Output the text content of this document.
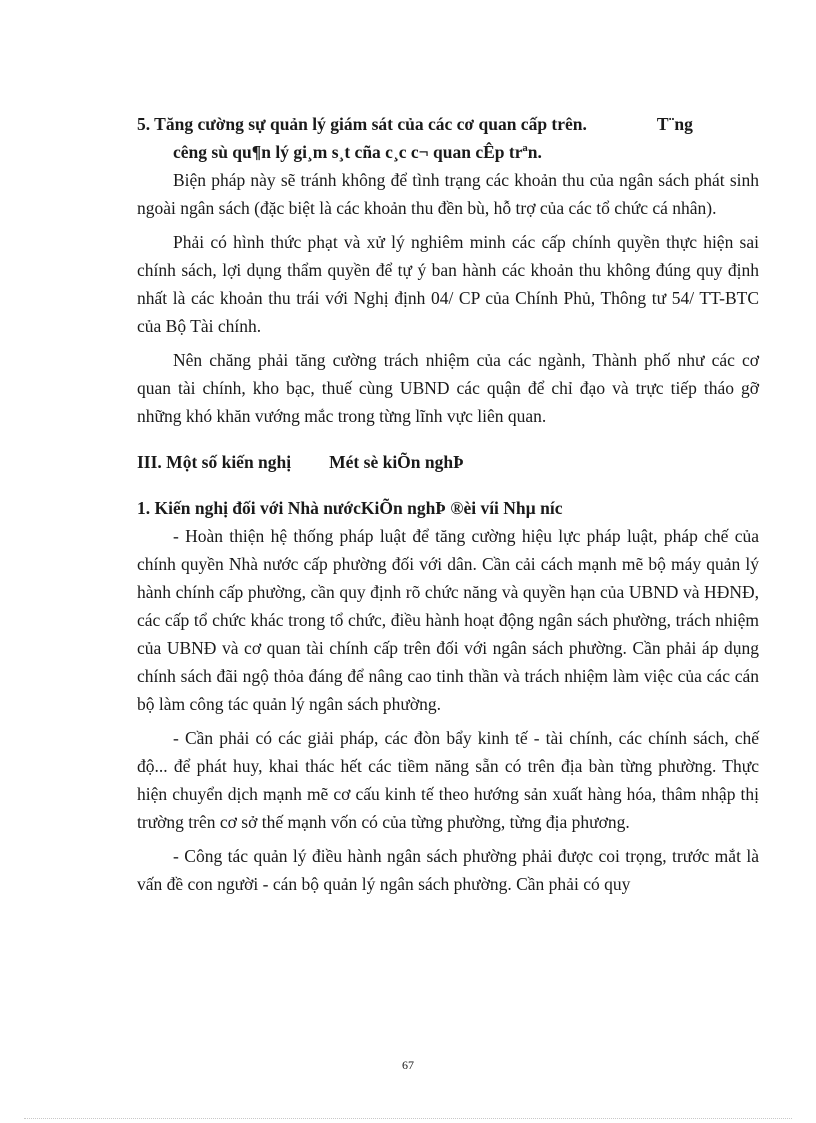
5. Tăng cường sự quản lý giám sát của các cơ quan cấp trên.	T¨ng

cêng sù qu¶n lý gi¸m s¸t cña c¸c c¬ quan cÊp trªn.

Biện pháp này sẽ tránh không để tình trạng các khoản thu của ngân sách phát sinh ngoài ngân sách (đặc biệt là các khoản thu đền bù, hỗ trợ của các tổ chức cá nhân).

Phải có hình thức phạt và xử lý nghiêm minh các cấp chính quyền thực hiện sai chính sách, lợi dụng thẩm quyền để tự ý ban hành các khoản thu không đúng quy định nhất là các khoản thu trái với Nghị định 04/ CP của Chính Phủ, Thông tư 54/ TT-BTC của Bộ Tài chính.

Nên chăng phải tăng cường trách nhiệm của các ngành, Thành phố như các cơ quan tài chính, kho bạc, thuế cùng UBND các quận để chỉ đạo và trực tiếp tháo gỡ những khó khăn vướng mắc trong từng lĩnh vực liên quan.

III. Một số kiến nghị Mét sè kiÕn nghÞ

1. Kiến nghị đối với Nhà nướcKiÕn nghÞ ®èi víi Nhµ níc

- Hoàn thiện hệ thống pháp luật để tăng cường hiệu lực pháp luật, pháp chế của chính quyền Nhà nước cấp phường đối với dân. Cần cải cách mạnh mẽ bộ máy quản lý hành chính cấp phường, cần quy định rõ chức năng và quyền hạn của UBND và HĐNĐ, các cấp tổ chức khác trong tổ chức, điều hành hoạt động ngân sách phường, trách nhiệm của UBNĐ và cơ quan tài chính cấp trên đối với ngân sách phường. Cần phải áp dụng chính sách đãi ngộ thỏa đáng để nâng cao tinh thần và trách nhiệm làm việc của các cán bộ làm công tác quản lý ngân sách phường.

- Cần phải có các giải pháp, các đòn bẩy kinh tế - tài chính, các chính sách, chế độ... để phát huy, khai thác hết các tiềm năng sẵn có trên địa bàn từng phường. Thực hiện chuyển dịch mạnh mẽ cơ cấu kinh tế theo hướng sản xuất hàng hóa, thâm nhập thị trường trên cơ sở thế mạnh vốn có của từng phường, từng địa phương.

- Công tác quản lý điều hành ngân sách phường phải được coi trọng, trước mắt là vấn đề con người - cán bộ quản lý ngân sách phường. Cần phải có quy

67
